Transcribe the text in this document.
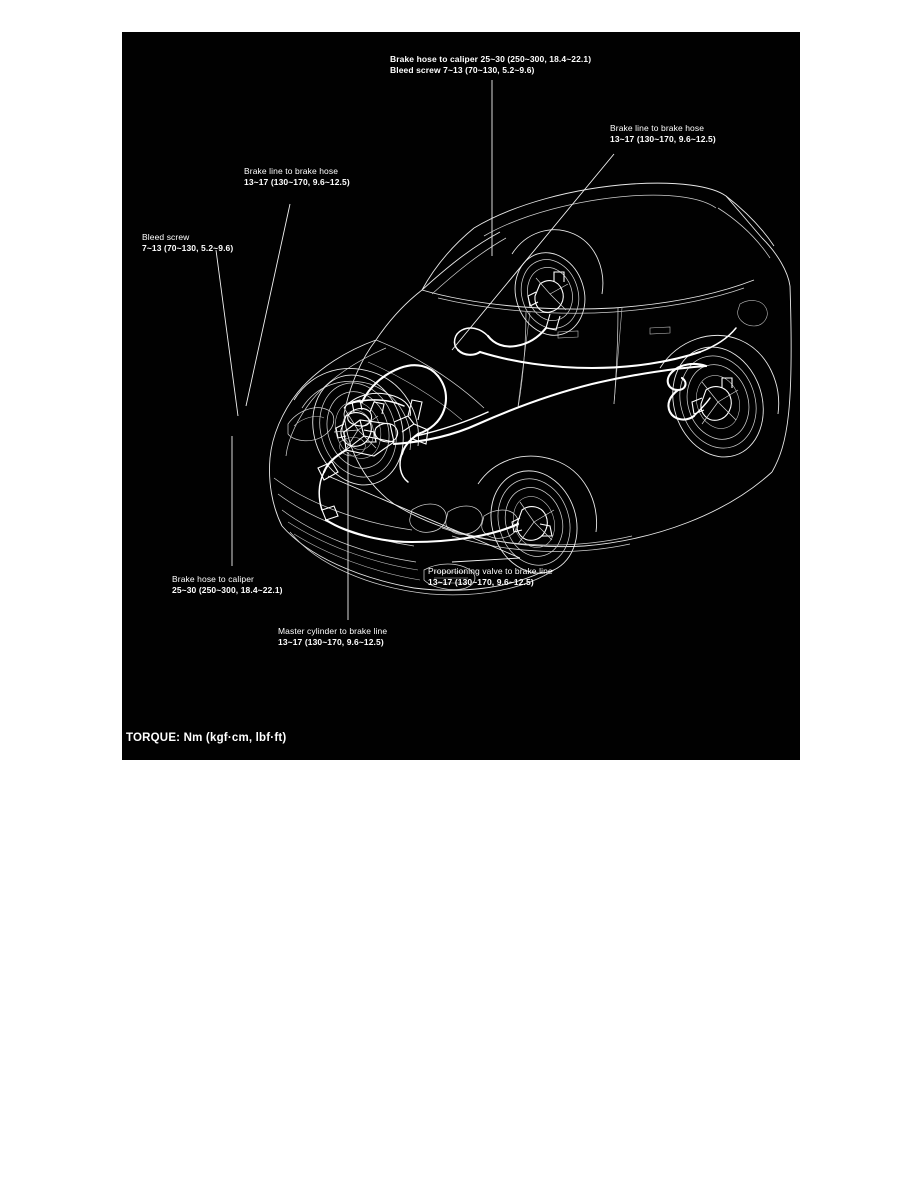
Brake hose to caliper 25~30 (250~300, 18.4~22.1)
Bleed screw 7~13 (70~130, 5.2~9.6)
Brake line to brake hose
13~17 (130~170, 9.6~12.5)
Brake line to brake hose
13~17 (130~170, 9.6~12.5)
Bleed screw
7~13 (70~130, 5.2~9.6)
Brake hose to caliper
25~30 (250~300, 18.4~22.1)
Master cylinder to brake line
13~17 (130~170, 9.6~12.5)
Proportioning valve to brake line
13~17 (130~170, 9.6~12.5)
TORQUE: Nm (kgf·cm, lbf·ft)
